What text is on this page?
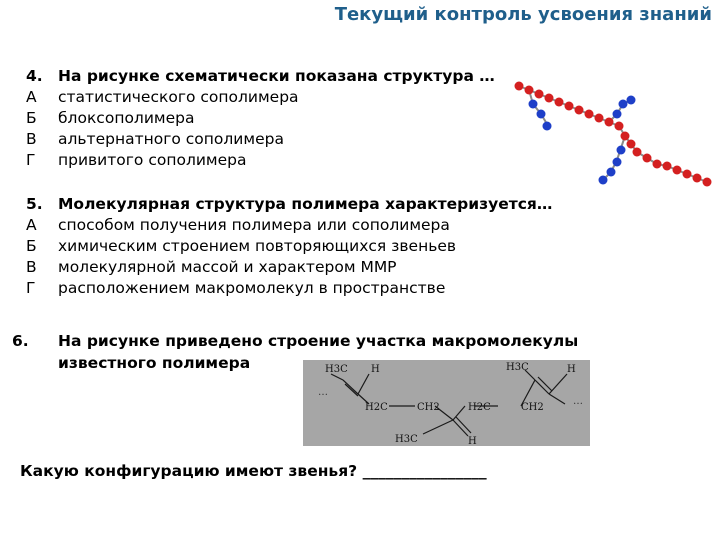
Текущий контроль усвоения знаний
4. На рисунке схематически показана структура …
А	статистического сополимера
Б	блоксополимера
В	альтернатного сополимера
Г	привитого сополимера
5. Молекулярная структура полимера характеризуется…
А	способом получения полимера или сополимера
Б	химическим строением повторяющихся звеньев
В	молекулярной массой и характером ММР
Г	расположением макромолекул в пространстве
6. На рисунке приведено строение участка макромолекулы
известного полимера
…
…
H3C H
H2C	CH2
H3C	H
H2C	CH2
H3C	H
Какую конфигурацию имеют звенья? ________________
